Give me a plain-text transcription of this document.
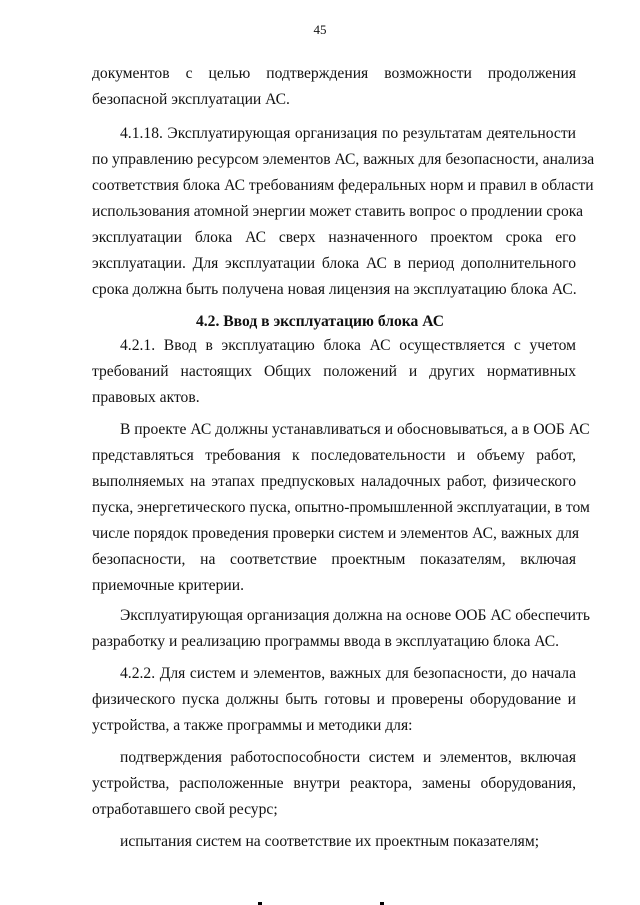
45
документов с целью подтверждения возможности продолжения
безопасной эксплуатации АС.
4.1.18. Эксплуатирующая организация по результатам деятельности
по управлению ресурсом элементов АС, важных для безопасности, анализа
соответствия блока АС требованиям федеральных норм и правил в области
использования атомной энергии может ставить вопрос о продлении срока
эксплуатации блока АС сверх назначенного проектом срока его
эксплуатации. Для эксплуатации блока АС в период дополнительного
срока должна быть получена новая лицензия на эксплуатацию блока АС.
4.2. Ввод в эксплуатацию блока АС
4.2.1. Ввод в эксплуатацию блока АС осуществляется с учетом
требований настоящих Общих положений и других нормативных
правовых актов.
В проекте АС должны устанавливаться и обосновываться, а в ООБ АС
представляться требования к последовательности и объему работ,
выполняемых на этапах предпусковых наладочных работ, физического
пуска, энергетического пуска, опытно-промышленной эксплуатации, в том
числе порядок проведения проверки систем и элементов АС, важных для
безопасности, на соответствие проектным показателям, включая
приемочные критерии.
Эксплуатирующая организация должна на основе ООБ АС обеспечить
разработку и реализацию программы ввода в эксплуатацию блока АС.
4.2.2. Для систем и элементов, важных для безопасности, до начала
физического пуска должны быть готовы и проверены оборудование и
устройства, а также программы и методики для:
подтверждения работоспособности систем и элементов, включая
устройства, расположенные внутри реактора, замены оборудования,
отработавшего свой ресурс;
испытания систем на соответствие их проектным показателям;
